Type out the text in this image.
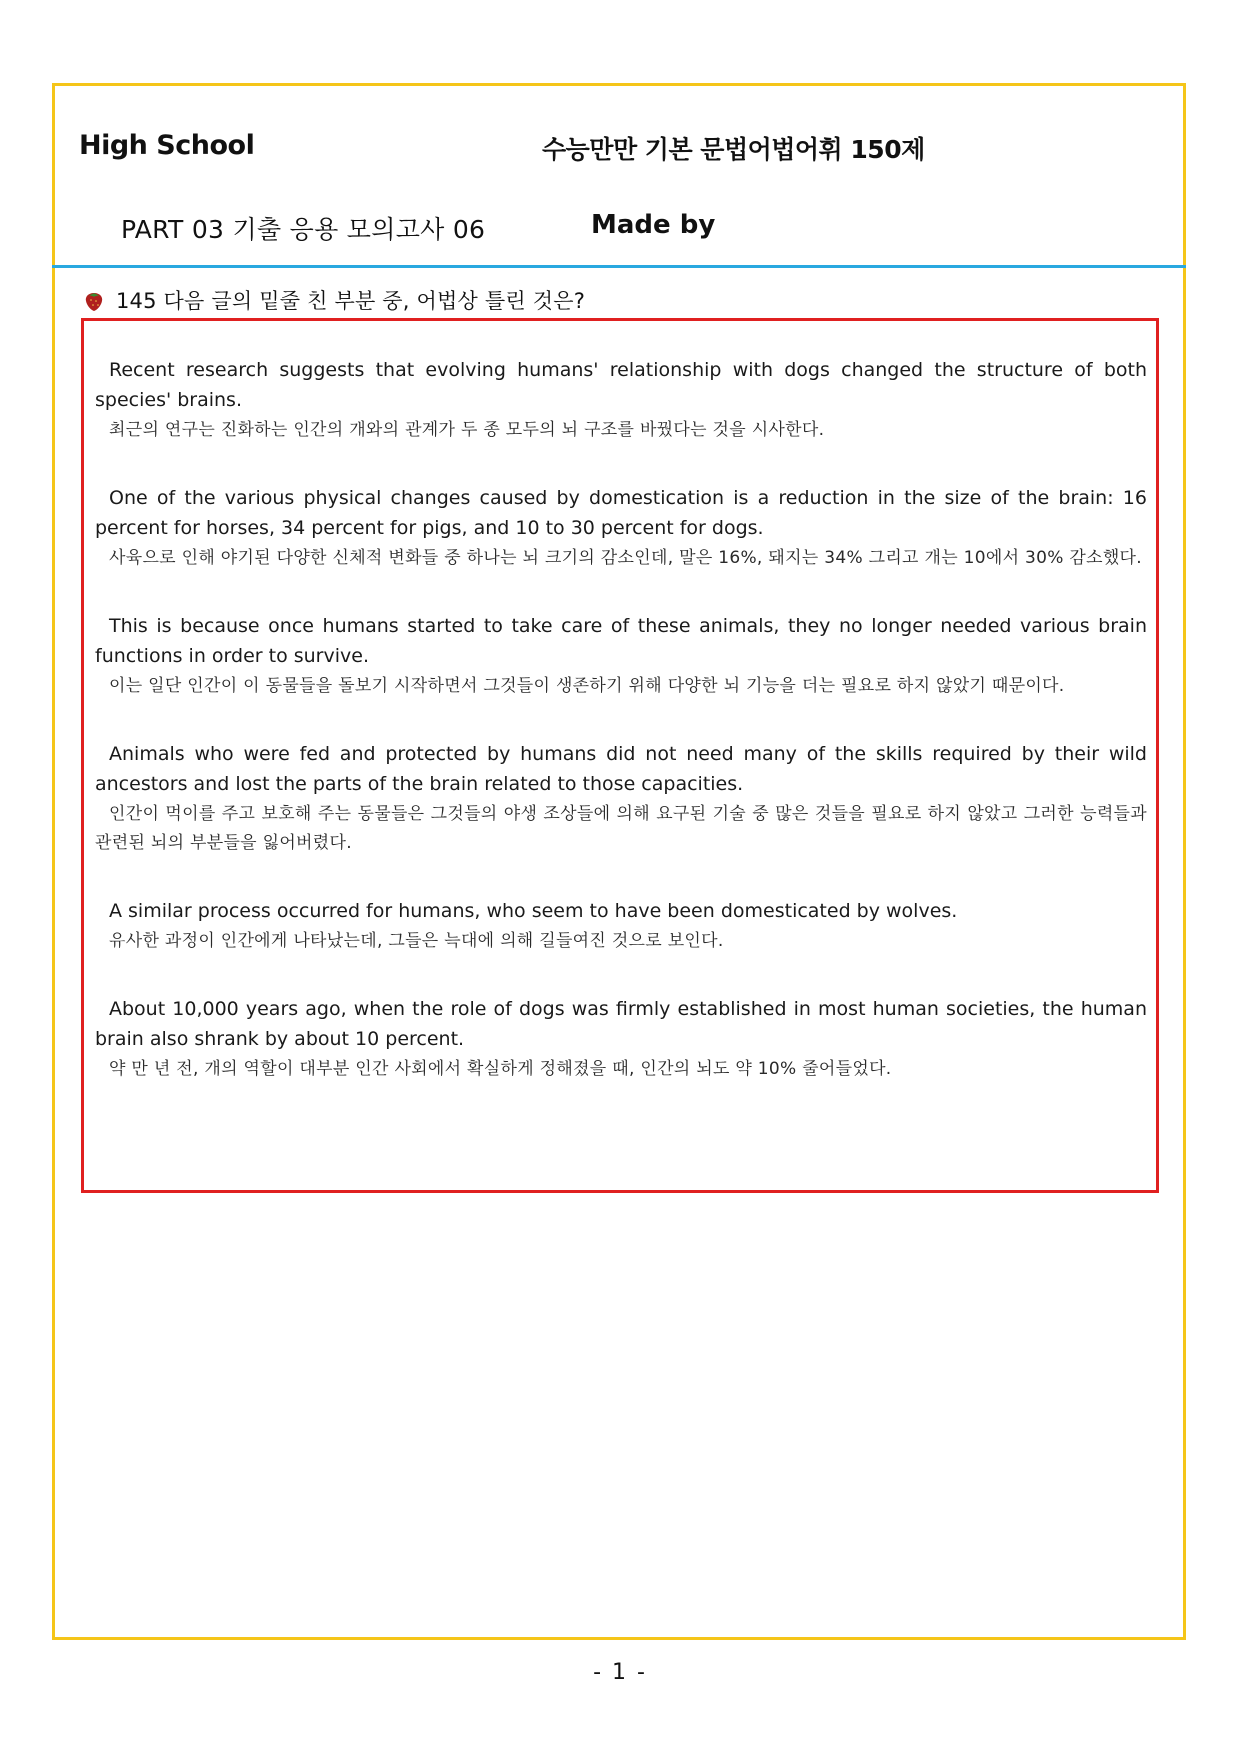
High School	수능만만 기본 문법어법어휘 150제
PART 03 기출 응용 모의고사 06	Made by
145 다음 글의 밑줄 친 부분 중, 어법상 틀린 것은?

Recent research suggests that evolving humans' relationship with dogs changed the structure of both species' brains.

최근의 연구는 진화하는 인간의 개와의 관계가 두 종 모두의 뇌 구조를 바꿨다는 것을 시사한다.

One of the various physical changes caused by domestication is a reduction in the size of the brain: 16 percent for horses, 34 percent for pigs, and 10 to 30 percent for dogs.

사육으로 인해 야기된 다양한 신체적 변화들 중 하나는 뇌 크기의 감소인데, 말은 16%, 돼지는 34% 그리고 개는 10에서 30% 감소했다.

This is because once humans started to take care of these animals, they no longer needed various brain functions in order to survive.

이는 일단 인간이 이 동물들을 돌보기 시작하면서 그것들이 생존하기 위해 다양한 뇌 기능을 더는 필요로 하지 않았기 때문이다.

Animals who were fed and protected by humans did not need many of the skills required by their wild ancestors and lost the parts of the brain related to those capacities.

인간이 먹이를 주고 보호해 주는 동물들은 그것들의 야생 조상들에 의해 요구된 기술 중 많은 것들을 필요로 하지 않았고 그러한 능력들과 관련된 뇌의 부분들을 잃어버렸다.

A similar process occurred for humans, who seem to have been domesticated by wolves.

유사한 과정이 인간에게 나타났는데, 그들은 늑대에 의해 길들여진 것으로 보인다.

About 10,000 years ago, when the role of dogs was firmly established in most human societies, the human brain also shrank by about 10 percent.

약 만 년 전, 개의 역할이 대부분 인간 사회에서 확실하게 정해졌을 때, 인간의 뇌도 약 10% 줄어들었다.

- 1 -
